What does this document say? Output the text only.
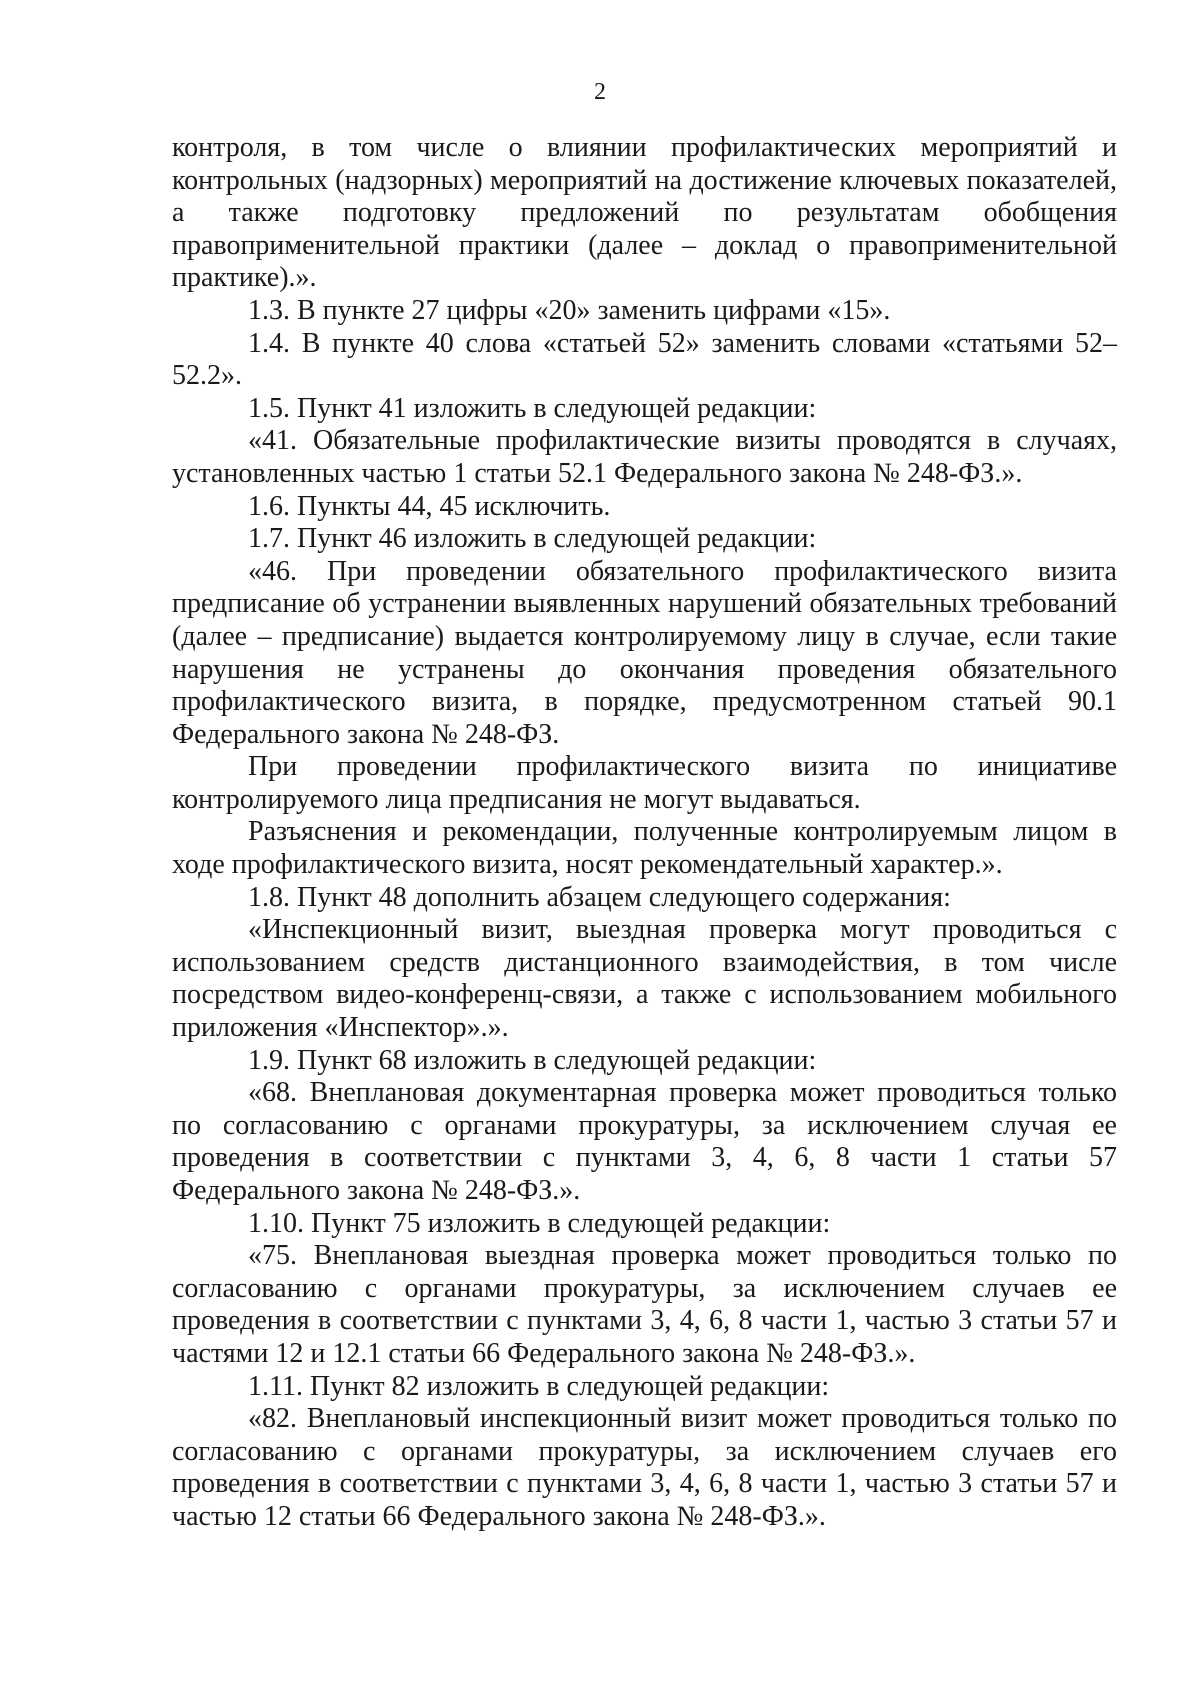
2

контроля, в том числе о влиянии профилактических мероприятий и контрольных (надзорных) мероприятий на достижение ключевых показателей, а также подготовку предложений по результатам обобщения правоприменительной практики (далее – доклад о правоприменительной практике).».

1.3. В пункте 27 цифры «20» заменить цифрами «15».

1.4. В пункте 40 слова «статьей 52» заменить словами «статьями 52–52.2».

1.5. Пункт 41 изложить в следующей редакции:

«41. Обязательные профилактические визиты проводятся в случаях, установленных частью 1 статьи 52.1 Федерального закона № 248-ФЗ.».

1.6. Пункты 44, 45 исключить.

1.7. Пункт 46 изложить в следующей редакции:

«46. При проведении обязательного профилактического визита предписание об устранении выявленных нарушений обязательных требований (далее – предписание) выдается контролируемому лицу в случае, если такие нарушения не устранены до окончания проведения обязательного профилактического визита, в порядке, предусмотренном статьей 90.1 Федерального закона № 248-ФЗ.

При проведении профилактического визита по инициативе контролируемого лица предписания не могут выдаваться.

Разъяснения и рекомендации, полученные контролируемым лицом в ходе профилактического визита, носят рекомендательный характер.».

1.8. Пункт 48 дополнить абзацем следующего содержания:

«Инспекционный визит, выездная проверка могут проводиться с использованием средств дистанционного взаимодействия, в том числе посредством видео-конференц-связи, а также с использованием мобильного приложения «Инспектор».».

1.9. Пункт 68 изложить в следующей редакции:

«68. Внеплановая документарная проверка может проводиться только по согласованию с органами прокуратуры, за исключением случая ее проведения в соответствии с пунктами 3, 4, 6, 8 части 1 статьи 57 Федерального закона № 248-ФЗ.».

1.10. Пункт 75 изложить в следующей редакции:

«75. Внеплановая выездная проверка может проводиться только по согласованию с органами прокуратуры, за исключением случаев ее проведения в соответствии с пунктами 3, 4, 6, 8 части 1, частью 3 статьи 57 и частями 12 и 12.1 статьи 66 Федерального закона № 248-ФЗ.».

1.11. Пункт 82 изложить в следующей редакции:

«82. Внеплановый инспекционный визит может проводиться только по согласованию с органами прокуратуры, за исключением случаев его проведения в соответствии с пунктами 3, 4, 6, 8 части 1, частью 3 статьи 57 и частью 12 статьи 66 Федерального закона № 248-ФЗ.».
